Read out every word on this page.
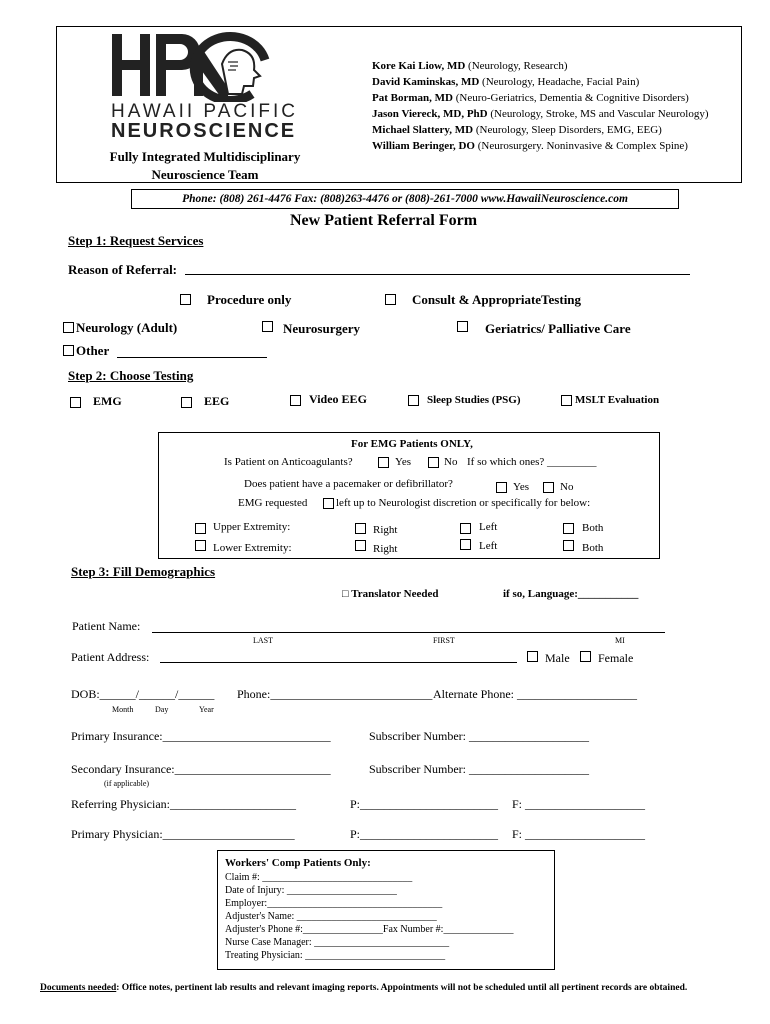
HAWAII PACIFIC
NEUROSCIENCE
Fully Integrated Multidisciplinary
Neuroscience Team
Kore Kai Liow, MD (Neurology, Research)
David Kaminskas, MD (Neurology, Headache, Facial Pain)
Pat Borman, MD (Neuro-Geriatrics, Dementia & Cognitive Disorders)
Jason Viereck, MD, PhD (Neurology, Stroke, MS and Vascular Neurology)
Michael Slattery, MD (Neurology, Sleep Disorders, EMG, EEG)
William Beringer, DO (Neurosurgery. Noninvasive & Complex Spine)
Phone: (808) 261-4476 Fax: (808)263-4476 or (808)-261-7000 www.HawaiiNeuroscience.com
New Patient Referral Form
Step 1: Request Services
Reason of Referral:
Procedure only	Consult & AppropriateTesting
Neurology (Adult)	Neurosurgery	Geriatrics/ Palliative Care
Other
Step 2: Choose Testing
EMG	EEG	Video EEG	Sleep Studies (PSG)	MSLT Evaluation
For EMG Patients ONLY,
Is Patient on Anticoagulants?	Yes	No If so which ones? _________
Does patient have a pacemaker or defibrillator?	Yes	No
EMG requested	left up to Neurologist discretion or specifically for below:
Upper Extremity:	Right	Left	Both
Lower Extremity:	Right	Left	Both
Step 3: Fill Demographics
□ Translator Needed	if so, Language:___________
Patient Name:
LAST	FIRST	MI
Patient Address:	Male Female
DOB:______/______/______ Phone:___________________________ Alternate Phone: ____________________
Month	Day	Year
Primary Insurance:____________________________	Subscriber Number: ____________________
Secondary Insurance:__________________________	Subscriber Number: ____________________
(if applicable)
Referring Physician:_____________________	P:_______________________ F: ____________________
Primary Physician:______________________	P:_______________________ F: ____________________
Workers' Comp Patients Only:
Claim #: ______________________________
Date of Injury: ______________________
Employer:___________________________________
Adjuster's Name: ____________________________
Adjuster's Phone #:________________Fax Number #:______________
Nurse Case Manager: ___________________________
Treating Physician: ____________________________
Documents needed: Office notes, pertinent lab results and relevant imaging reports. Appointments will not be scheduled until all pertinent records are obtained.
